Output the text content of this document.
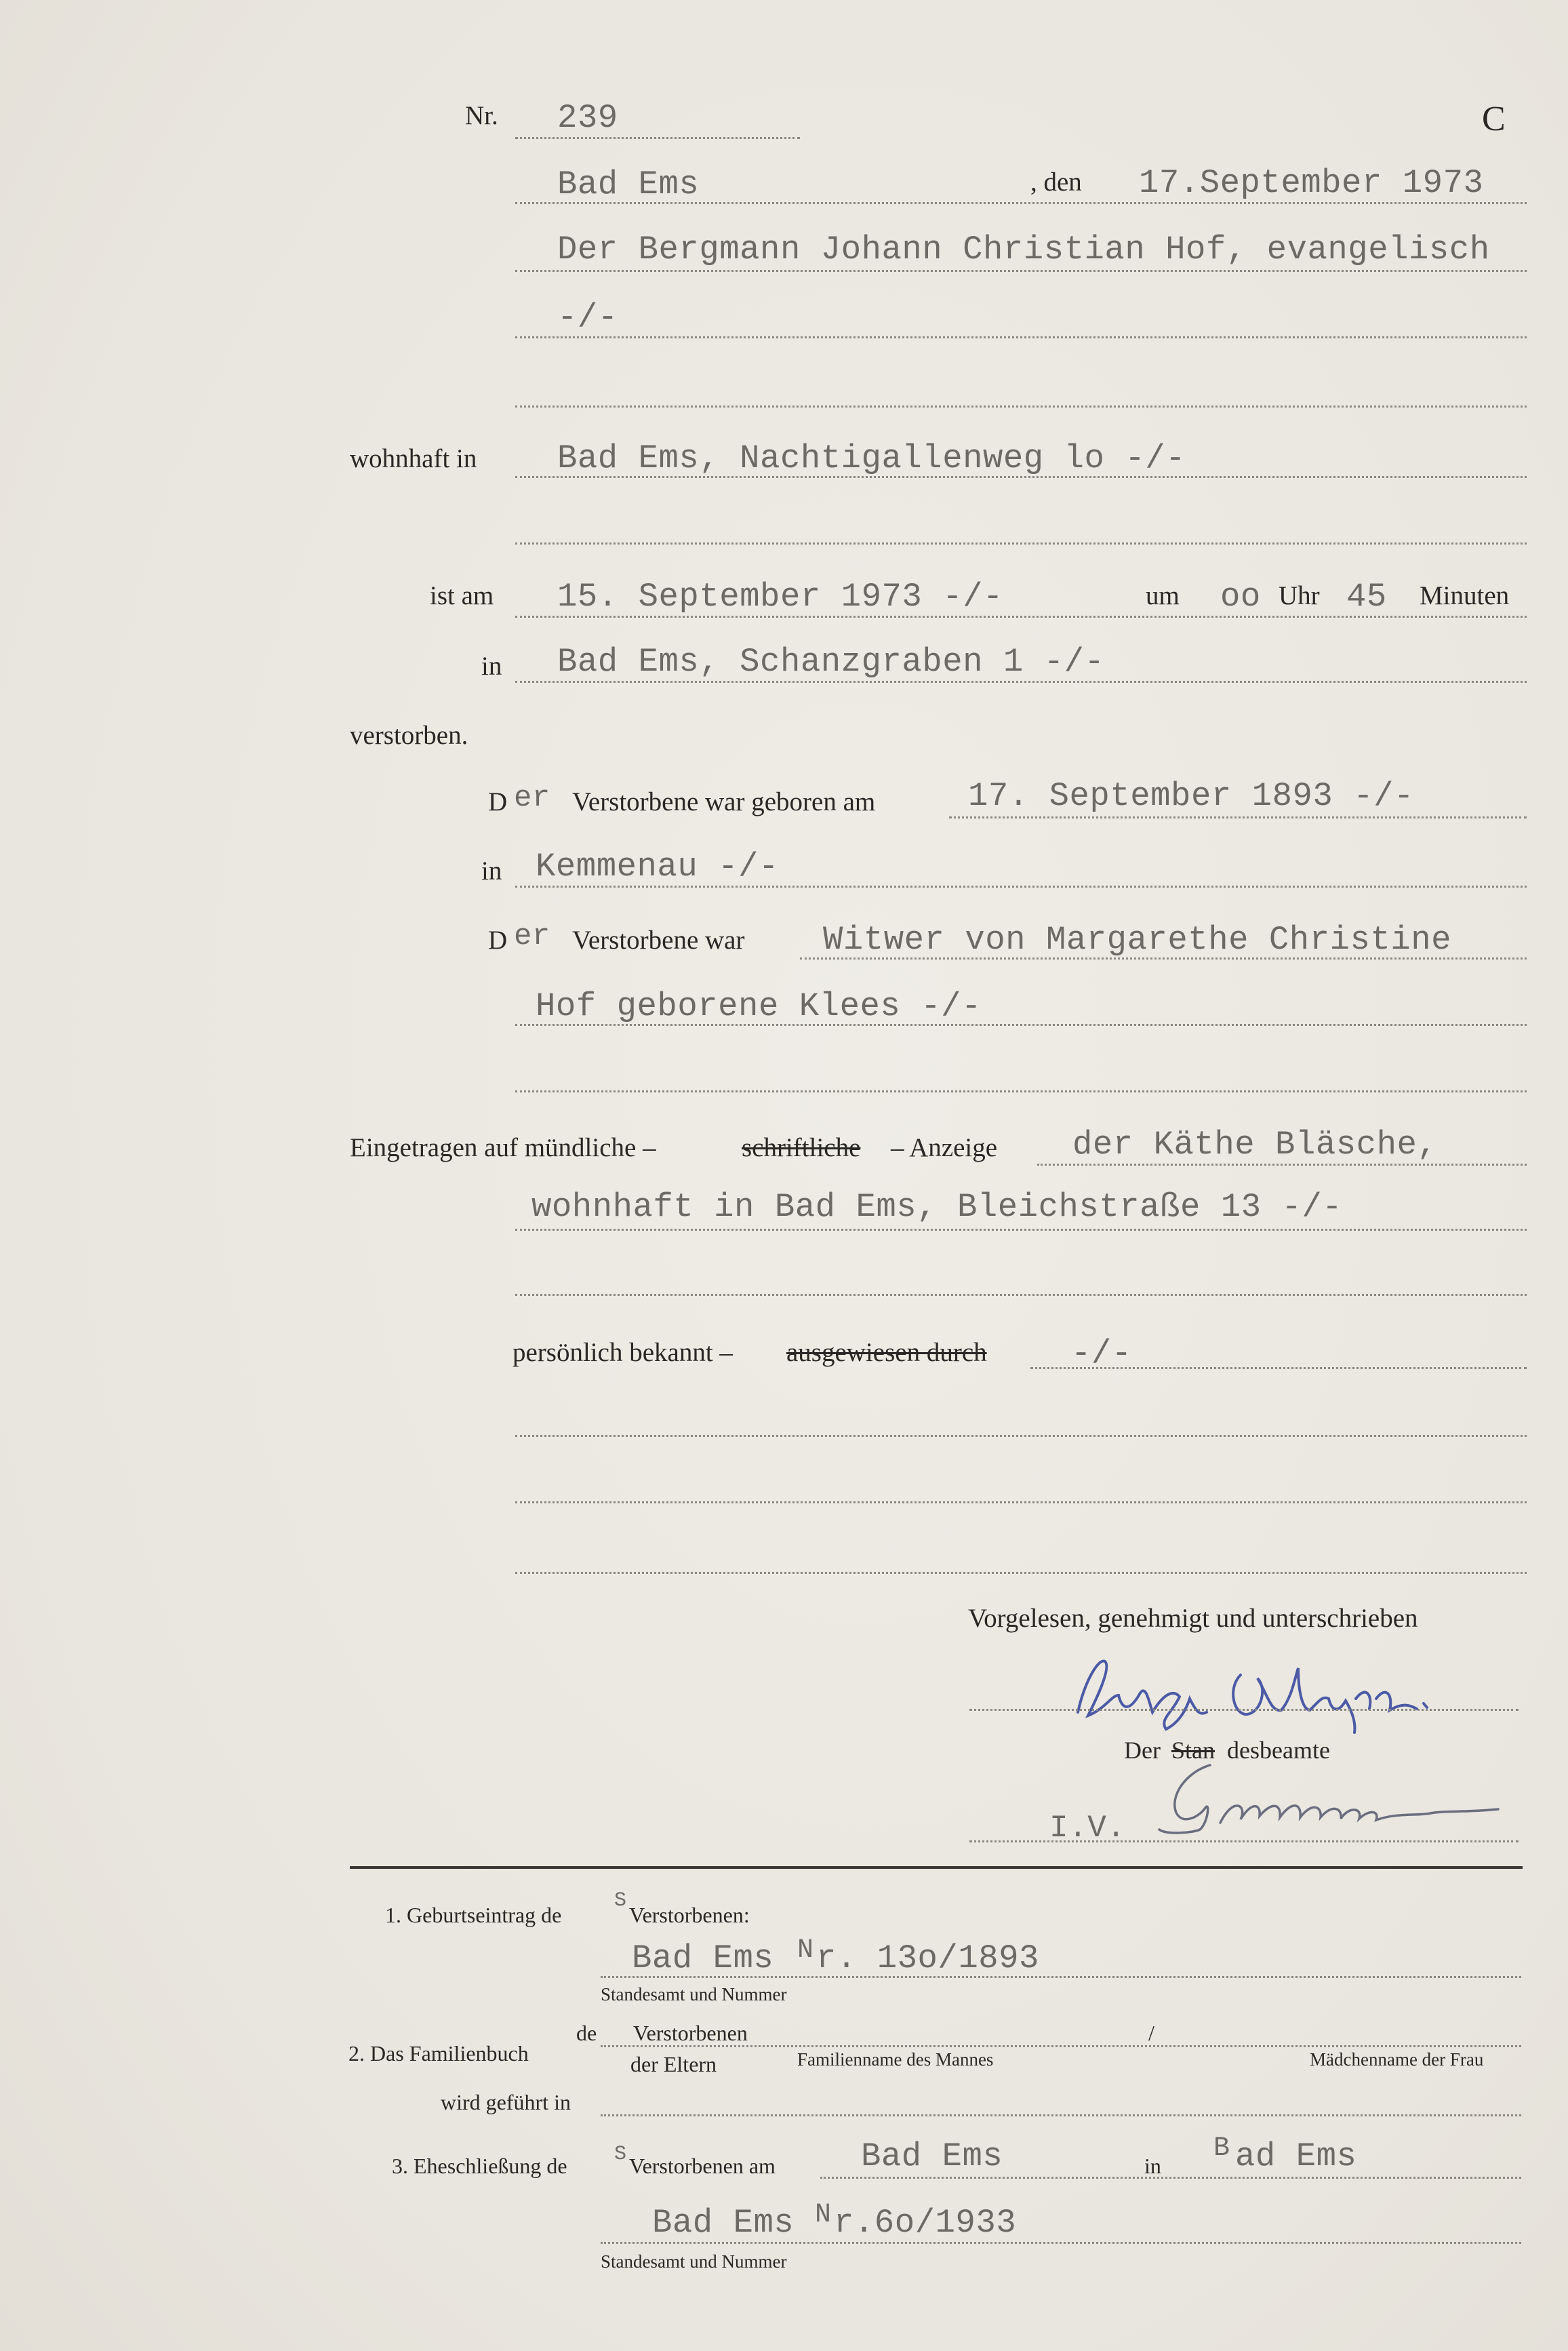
Nr. 239	C
Bad Ems	, den 17.September 1973
Der Bergmann Johann Christian Hof, evangelisch
-/-
wohnhaft in Bad Ems, Nachtigallenweg lo -/-
ist am 15. September 1973 -/-	um oo Uhr 45 Minuten
in Bad Ems, Schanzgraben 1 -/-
verstorben.
D er Verstorbene war geboren am	17. September 1893 -/-
in Kemmenau -/-
D er Verstorbene war Witwer von Margarethe Christine
Hof geborene Klees -/-
Eingetragen auf mündliche –	schriftliche – Anzeige der Käthe Bläsche,
wohnhaft in Bad Ems, Bleichstraße 13 -/-
persönlich bekannt – ausgewiesen durch	-/-
Vorgelesen, genehmigt und unterschrieben
Der Stan desbeamte
I.V.
1. Geburtseintrag de
S
Verstorbenen:
Bad Ems N r. 13o/1893
Standesamt und Nummer
2. Das Familienbuch
de Verstorbenen	/
der Eltern	Familienname des Mannes	Mädchenname der Frau
wird geführt in
3. Eheschließung de S Verstorbenen am	Bad Ems	in
B ad Ems
Bad Ems N r.6o/1933
Standesamt und Nummer
